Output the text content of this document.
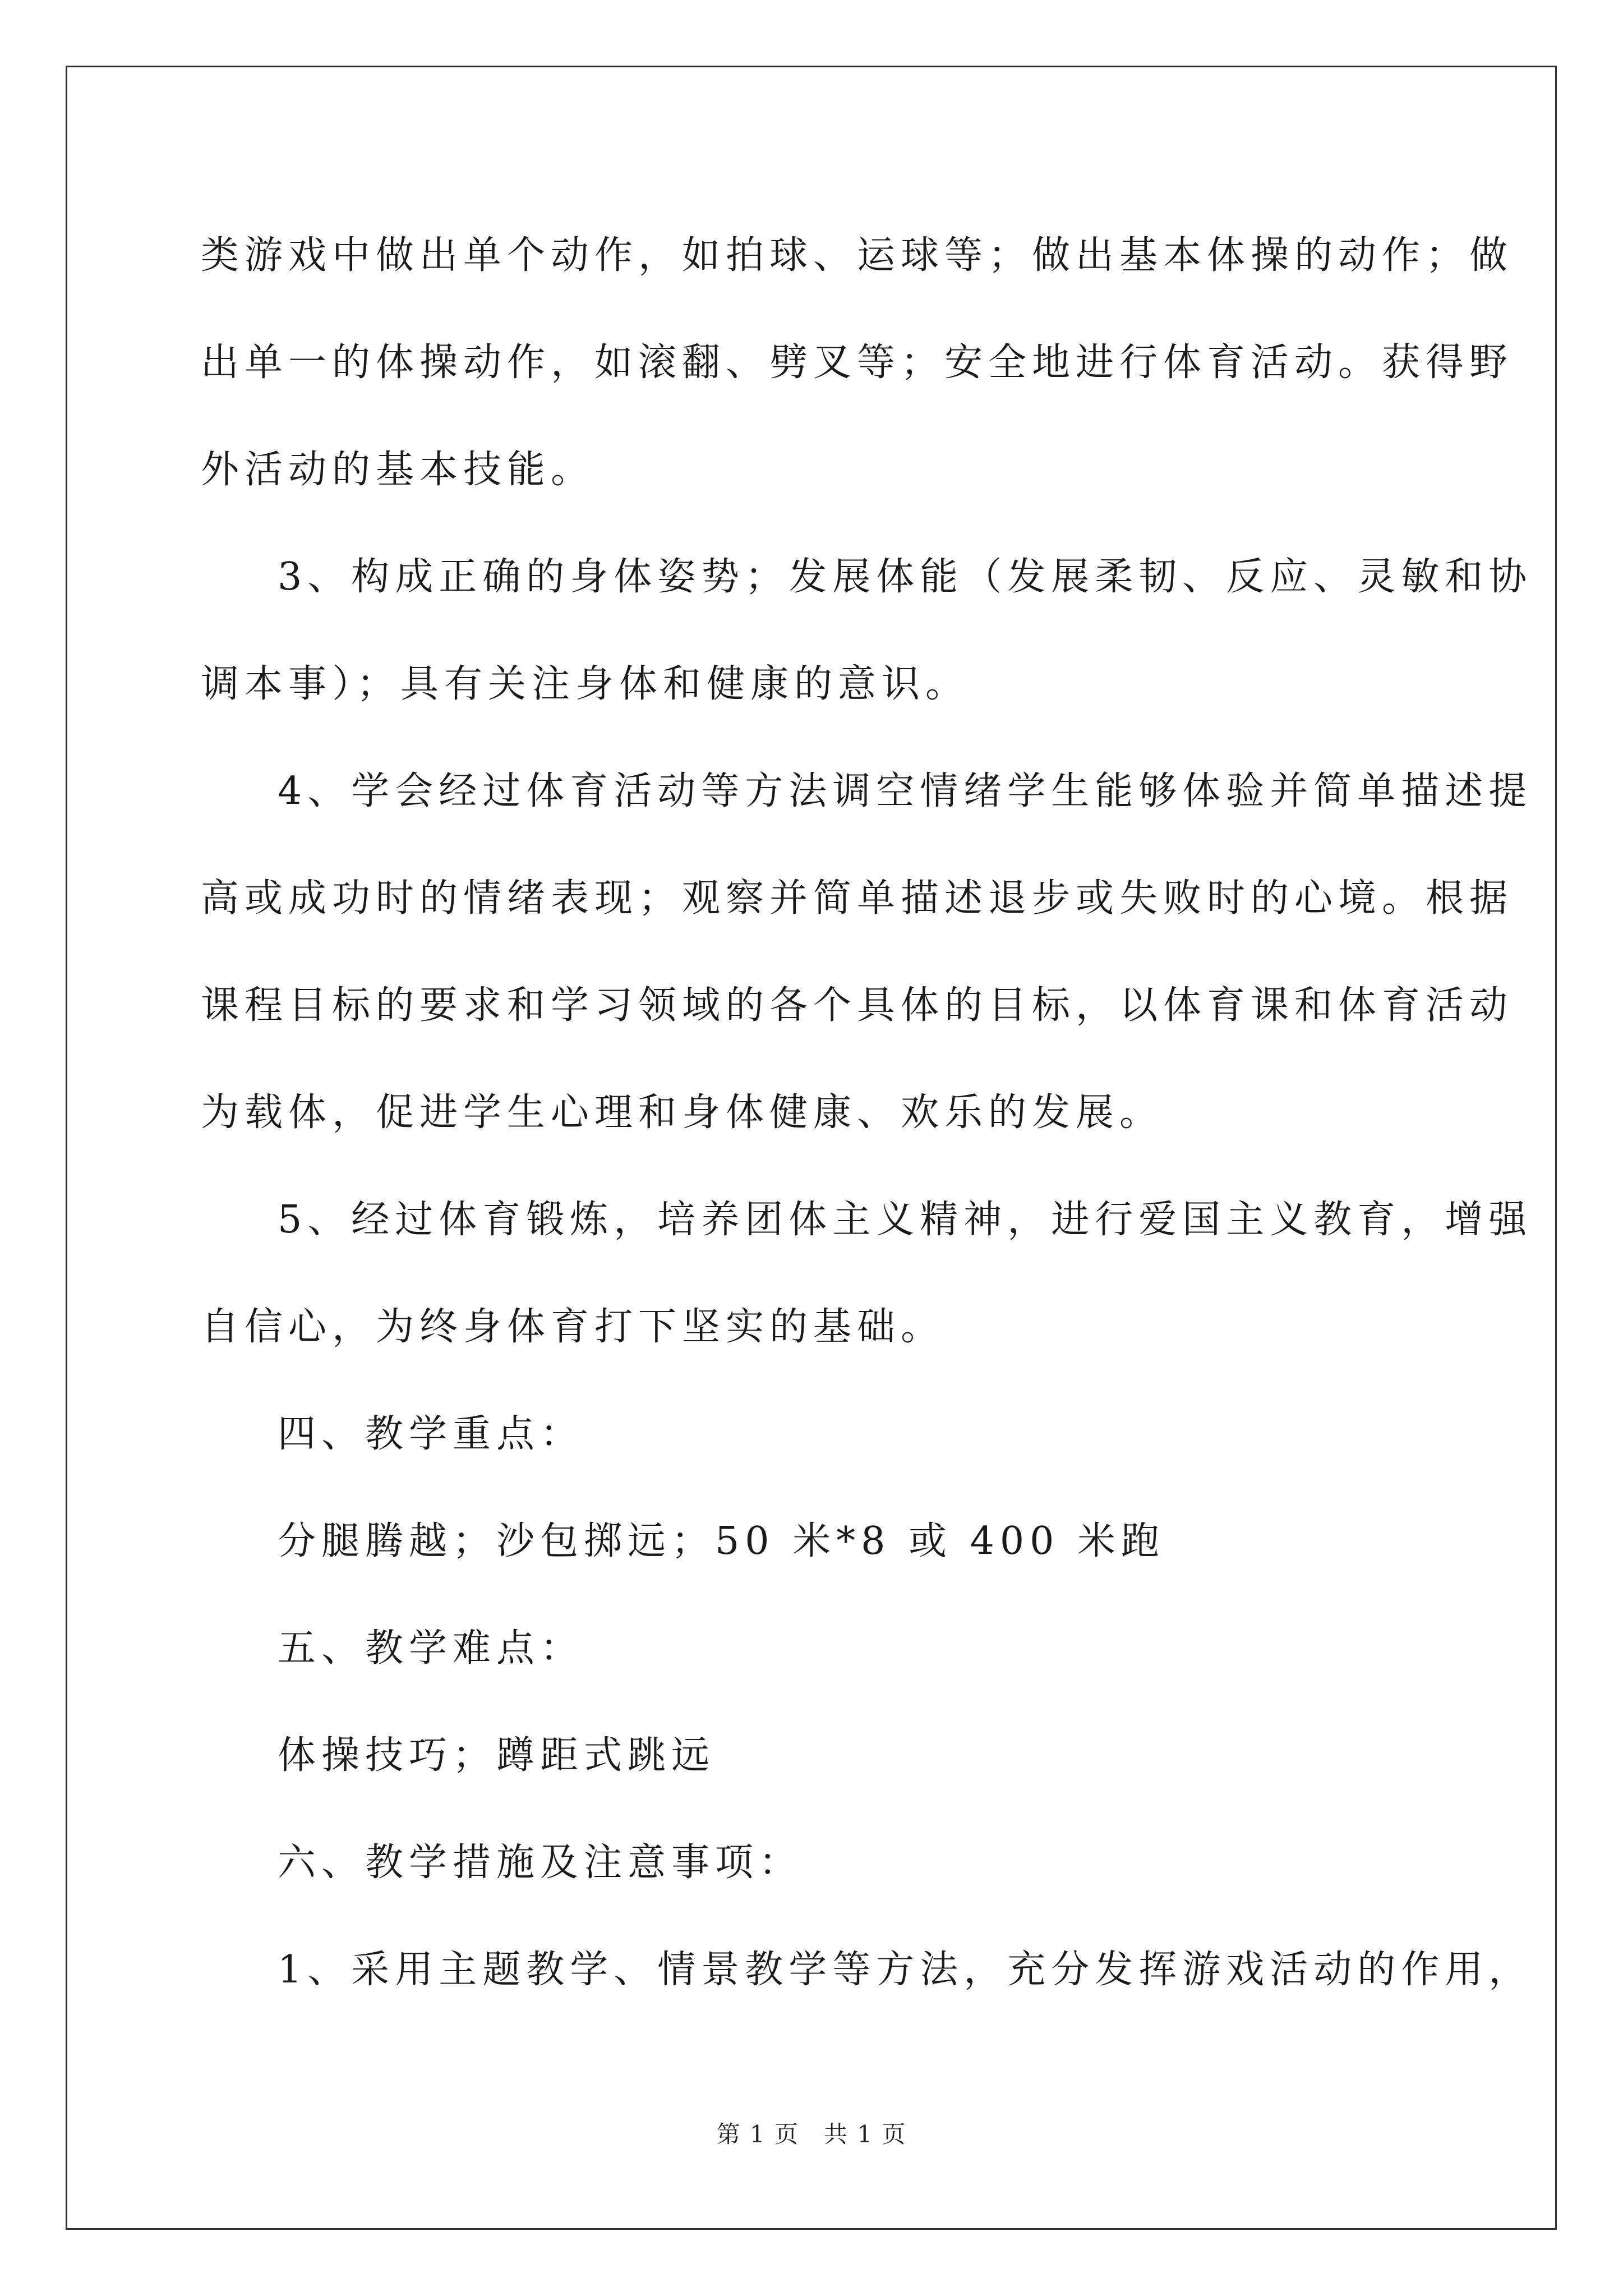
类游戏中做出单个动作，如拍球、运球等；做出基本体操的动作；做
出单一的体操动作，如滚翻、劈叉等；安全地进行体育活动。获得野
外活动的基本技能。

3、构成正确的身体姿势；发展体能（发展柔韧、反应、灵敏和协
调本事）；具有关注身体和健康的意识。

4、学会经过体育活动等方法调空情绪学生能够体验并简单描述提
高或成功时的情绪表现；观察并简单描述退步或失败时的心境。根据
课程目标的要求和学习领域的各个具体的目标，以体育课和体育活动
为载体，促进学生心理和身体健康、欢乐的发展。

5、经过体育锻炼，培养团体主义精神，进行爱国主义教育，增强
自信心，为终身体育打下坚实的基础。

四、教学重点：

分腿腾越；沙包掷远；50 米*8 或 400 米跑

五、教学难点：

体操技巧；蹲距式跳远

六、教学措施及注意事项：

1、采用主题教学、情景教学等方法，充分发挥游戏活动的作用，

第 1 页　共 1 页
